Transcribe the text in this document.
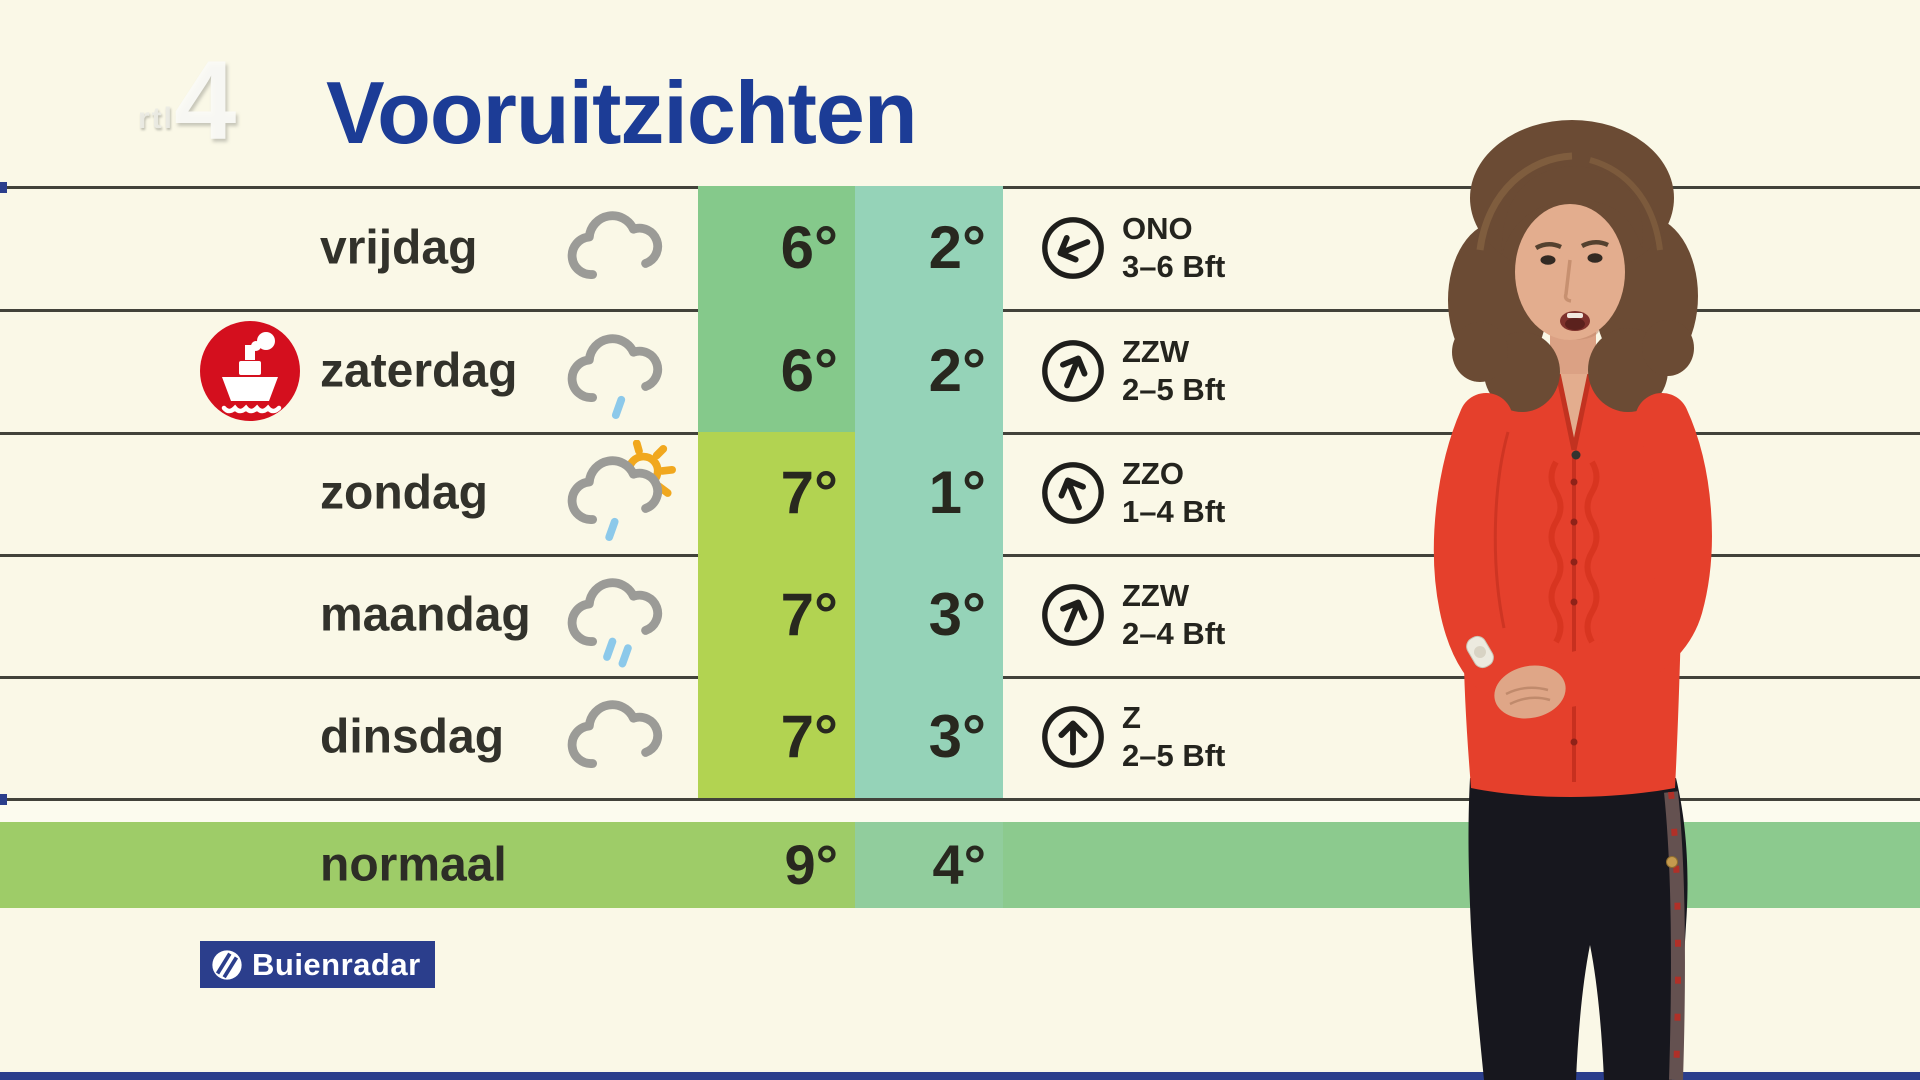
rtl 4 Vooruitzichten
vrijdag	6° 2°	ONO
3–6 Bft
zaterdag	6° 2°	ZZW
2–5 Bft
zondag	7° 1°	ZZO
1–4 Bft
maandag	7° 3°	ZZW
2–4 Bft
dinsdag	7° 3°	Z
2–5 Bft
normaal	9°	4°
Buienradar
